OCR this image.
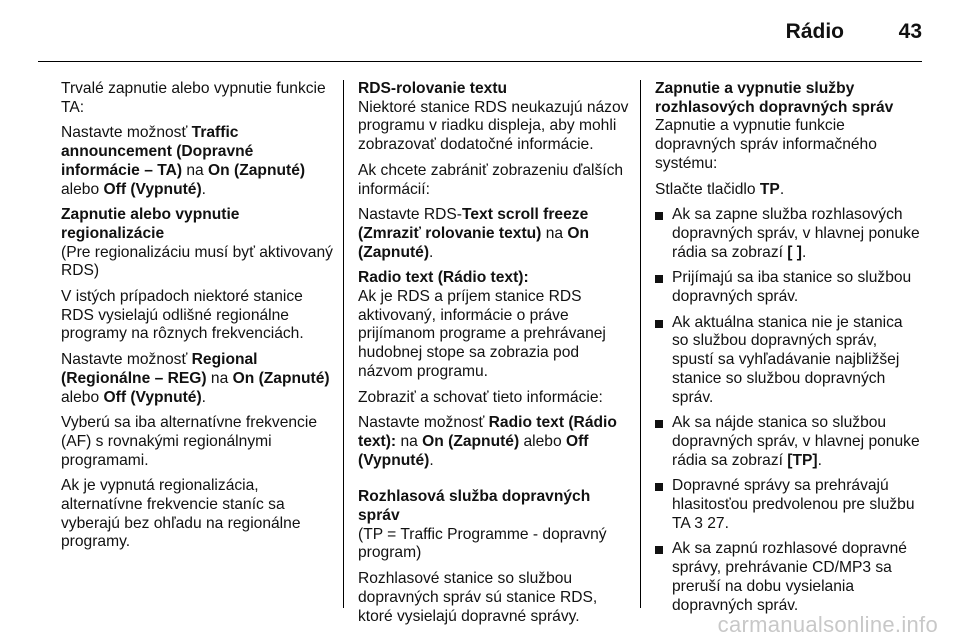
Rádio	43

Trvalé zapnutie alebo vypnutie funkcie TA:

Nastavte možnosť Traffic announcement (Dopravné informácie – TA) na On (Zapnuté) alebo Off (Vypnuté).

Zapnutie alebo vypnutie regionalizácie

(Pre regionalizáciu musí byť aktivovaný RDS)

V istých prípadoch niektoré stanice RDS vysielajú odlišné regionálne programy na rôznych frekvenciách.

Nastavte možnosť Regional (Regionálne – REG) na On (Zapnuté) alebo Off (Vypnuté).

Vyberú sa iba alternatívne frekvencie (AF) s rovnakými regionálnymi programami.

Ak je vypnutá regionalizácia, alternatívne frekvencie staníc sa vyberajú bez ohľadu na regionálne programy.

RDS-rolovanie textu

Niektoré stanice RDS neukazujú názov programu v riadku displeja, aby mohli zobrazovať dodatočné informácie.

Ak chcete zabrániť zobrazeniu ďalších informácií:

Nastavte RDS-Text scroll freeze (Zmraziť rolovanie textu) na On (Zapnuté).

Radio text (Rádio text):

Ak je RDS a príjem stanice RDS aktivovaný, informácie o práve prijímanom programe a prehrávanej hudobnej stope sa zobrazia pod názvom programu.

Zobraziť a schovať tieto informácie:

Nastavte možnosť Radio text (Rádio text): na On (Zapnuté) alebo Off (Vypnuté).

Rozhlasová služba dopravných správ

(TP = Traffic Programme - dopravný program)

Rozhlasové stanice so službou dopravných správ sú stanice RDS, ktoré vysielajú dopravné správy.

Zapnutie a vypnutie služby rozhlasových dopravných správ

Zapnutie a vypnutie funkcie dopravných správ informačného systému:

Stlačte tlačidlo TP.

Ak sa zapne služba rozhlasových dopravných správ, v hlavnej ponuke rádia sa zobrazí [ ].
Prijímajú sa iba stanice so službou dopravných správ.
Ak aktuálna stanica nie je stanica so službou dopravných správ, spustí sa vyhľadávanie najbližšej stanice so službou dopravných správ.
Ak sa nájde stanica so službou dopravných správ, v hlavnej ponuke rádia sa zobrazí [TP].
Dopravné správy sa prehrávajú hlasitosťou predvolenou pre službu TA 3 27.
Ak sa zapnú rozhlasové dopravné správy, prehrávanie CD/MP3 sa preruší na dobu vysielania dopravných správ.
carmanualsonline.info
